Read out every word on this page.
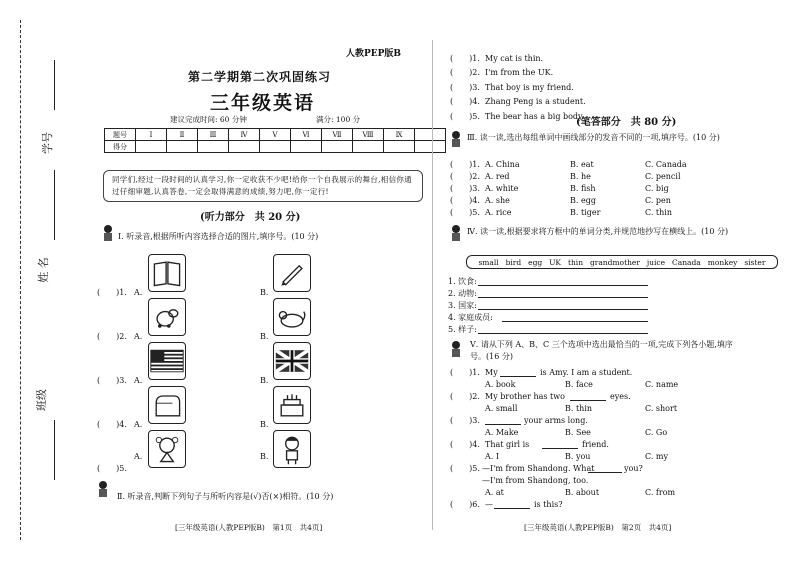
学号
姓 名
班级
人教PEP版B
第二学期第二次巩固练习
三年级英语
建议完成时间: 60 分钟	满分: 100 分
题号	Ⅰ	Ⅱ	Ⅲ	Ⅳ	Ⅴ	Ⅵ	Ⅶ	Ⅷ	Ⅸ	
得分										
同学们,经过一段时间的认真学习,你一定收获不少吧!给你一个自我展示的舞台,相信你通过仔细审题,认真答卷,一定会取得满意的成绩,努力吧,你一定行!
(听力部分　共 20 分)
Ⅰ. 听录音,根据所听内容选择合适的图片,填序号。(10 分)
(　　)1. A.	B.
(　　)2. A.	B.
(　　)3. A.	B.
(　　)4. A.	B.
(　　)5.
A.	B.
Ⅱ. 听录音,判断下列句子与所听内容是(√)否(×)相符。(10 分)
[三年级英语(人教PEP版B)　第1页　共4页]
(　　)1. My cat is thin.
(　　)2. I'm from the UK.
(　　)3. That boy is my friend.
(　　)4. Zhang Peng is a student.
(　　)5. The bear has a big body.
(笔答部分　共 80 分)
Ⅲ. 读一读,选出每组单词中画线部分的发音不同的一项,填序号。(10 分)
(　　)1. A. China	B. eat	C. Canada
(　　)2. A. red	B. he	C. pencil
(　　)3. A. white	B. fish	C. big
(　　)4. A. she	B. egg	C. pen
(　　)5. A. rice	B. tiger	C. thin
Ⅳ. 读一读,根据要求将方框中的单词分类,并规范地抄写在横线上。(10 分)
small bird egg UK thin grandmother juice Canada monkey sister
1. 饮食:
2. 动物:
3. 国家:
4. 家庭成员:
5. 样子:
Ⅴ. 请从下列 A、B、C 三个选项中选出最恰当的一项,完成下列各小题,填序
号。(16 分)
(　　)1. My	is Amy. I am a student.
A. book	B. face	C. name
(　　)2. My brother has two	eyes.
A. small	B. thin	C. short
(　　)3.	your arms long.
A. Make	B. See	C. Go
(　　)4. That girl is	friend.
A. I	B. you	C. my
(　　)5. —I'm from Shandong. What	you?
—I'm from Shandong, too.
A. at	B. about	C. from
(　　)6. —	is this?
[三年级英语(人教PEP版B)　第2页　共4页]
